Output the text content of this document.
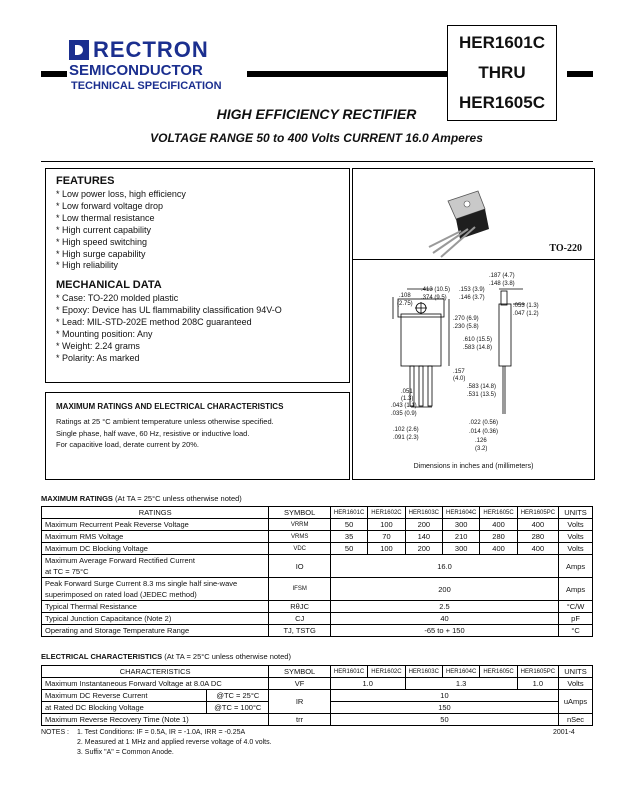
RECTRON
SEMICONDUCTOR
TECHNICAL SPECIFICATION
HER1601C
THRU
HER1605C
HIGH EFFICIENCY RECTIFIER
VOLTAGE RANGE 50 to 400 Volts CURRENT 16.0 Amperes
FEATURES
* Low power loss, high efficiency
* Low forward voltage drop
* Low thermal resistance
* High current capability
* High speed switching
* High surge capability
* High reliability
MECHANICAL DATA
* Case: TO-220 molded plastic
* Epoxy: Device has UL flammability classification 94V-O
* Lead: MIL-STD-202E method 208C guaranteed
* Mounting position: Any
* Weight: 2.24 grams
* Polarity: As marked
MAXIMUM RATINGS AND ELECTRICAL CHARACTERISTICS
Ratings at 25 °C ambient temperature unless otherwise specified.
Single phase, half wave, 60 Hz, resistive or inductive load.
For capacitive load, derate current by 20%.
TO-220
.187 (4.7)
.148 (3.8)
.413 (10.5)
.374 (9.5)
.153 (3.9)
.146 (3.7)
.108
(2.75)	.053 (1.3)
.047 (1.2)
.270 (6.9)
.230 (5.8)
.610 (15.5)
.583 (14.8)
.157
(4.0)
.583 (14.8)
.531 (13.5)
.051
(1.3)
.043 (1.1)
.035 (0.9)
.022 (0.56)
.014 (0.36)
.102 (2.6)
.091 (2.3)	.126
(3.2)
Dimensions in inches and (millimeters)
MAXIMUM RATINGS (At TA = 25°C unless otherwise noted)
RATINGS	SYMBOL	HER1601C	HER1602C	HER1603C	HER1604C	HER1605C	HER1605PC	UNITS
Maximum Recurrent Peak Reverse Voltage	VRRM	50	100	200	300	400	400	Volts
Maximum RMS Voltage	VRMS	35	70	140	210	280	280	Volts
Maximum DC Blocking Voltage	VDC	50	100	200	300	400	400	Volts

Maximum Average Forward Rectified Current
at TC = 75°C	IO	16.0						Amps

Peak Forward Surge Current 8.3 ms single half sine-wave
superimposed on rated load (JEDEC method)	IFSM	200						Amps
Typical Thermal Resistance	RθJC	2.5						°C/W
Typical Junction Capacitance (Note 2)	CJ	40						pF
Operating and Storage Temperature Range	TJ, TSTG	-65 to + 150						°C
ELECTRICAL CHARACTERISTICS (At TA = 25°C unless otherwise noted)
CHARACTERISTICS		SYMBOL	HER1601C	HER1602C	HER1603C	HER1604C	HER1605C	HER1605PC	UNITS
Maximum Instantaneous Forward Voltage at 8.0A DC		VF	1.0		1.3			1.0	Volts
Maximum DC Reverse Current	@TC = 25°C	IR	10						uAmps
at Rated DC Blocking Voltage	@TC = 100°C		150						
Maximum Reverse Recovery Time (Note 1)		trr	50						nSec
NOTES : 1. Test Conditions: IF = 0.5A, IR = -1.0A, IRR = -0.25A
2. Measured at 1 MHz and applied reverse voltage of 4.0 volts.
3. Suffix "A" = Common Anode.
2001-4
